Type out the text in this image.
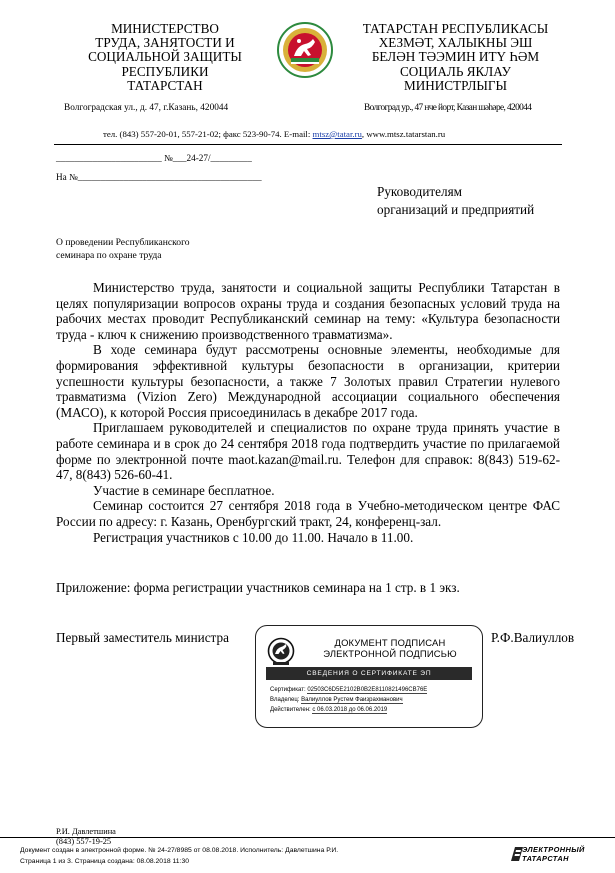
МИНИСТЕРСТВО
ТРУДА, ЗАНЯТОСТИ И
СОЦИАЛЬНОЙ ЗАЩИТЫ
РЕСПУБЛИКИ
ТАТАРСТАН
ТАТАРСТАН РЕСПУБЛИКАСЫ
ХЕЗМӘТ, ХАЛЫКНЫ ЭШ
БЕЛӘН ТӘЭМИН ИТҮ ҺӘМ
СОЦИАЛЬ ЯКЛАУ
МИНИСТРЛЫГЫ
Волгоградская ул., д. 47, г.Казань, 420044	Волгоград ур., 47 нче йорт, Казан шәһәре, 420044
тел. (843) 557-20-01, 557-21-02; факс 523-90-74. E-mail: mtsz@tatar.ru, www.mtsz.tatarstan.ru
_______________________ №___24-27/_________
На №________________________________________
Руководителям
организаций и предприятий
О проведении Республиканского
семинара по охране труда

Министерство труда, занятости и социальной защиты Республики Татарстан в целях популяризации вопросов охраны труда и создания безопасных условий труда на рабочих местах проводит Республиканский семинар на тему: «Культура безопасности труда - ключ к снижению производственного травматизма».

В ходе семинара будут рассмотрены основные элементы, необходимые для формирования эффективной культуры безопасности в организации, критерии успешности культуры безопасности, а также 7 Золотых правил Стратегии нулевого травматизма (Vizion Zero) Международной ассоциации социального обеспечения (МАСО), к которой Россия присоединилась в декабре 2017 года.

Приглашаем руководителей и специалистов по охране труда принять участие в работе семинара и в срок до 24 сентября 2018 года подтвердить участие по прилагаемой форме по электронной почте maot.kazan@mail.ru. Телефон для справок: 8(843) 519-62-47, 8(843) 526-60-41.

Участие в семинаре бесплатное.

Семинар состоится 27 сентября 2018 года в Учебно-методическом центре ФАС России по адресу: г. Казань, Оренбургский тракт, 24, конференц-зал.

Регистрация участников с 10.00 до 11.00. Начало в 11.00.

Приложение: форма регистрации участников семинара на 1 стр. в 1 экз.
Первый заместитель министра	Р.Ф.Валиуллов
ДОКУМЕНТ ПОДПИСАН
ЭЛЕКТРОННОЙ ПОДПИСЬЮ
СВЕДЕНИЯ О СЕРТИФИКАТЕ ЭП
Сертификат: 02503C6D5E2102B0B2E8110821496CB76E
Владелец: Валиуллов Рустем Фаизрахманович
Действителен: с 06.03.2018 до 06.06.2019
Р.И. Давлетшина
(843) 557-19-25
Документ создан в электронной форме. № 24-27/8985 от 08.08.2018. Исполнитель: Давлетшина Р.И.
Страница 1 из 3. Страница создана: 08.08.2018 11:30
ЭЛЕКТРОННЫЙ
ТАТАРСТАН
